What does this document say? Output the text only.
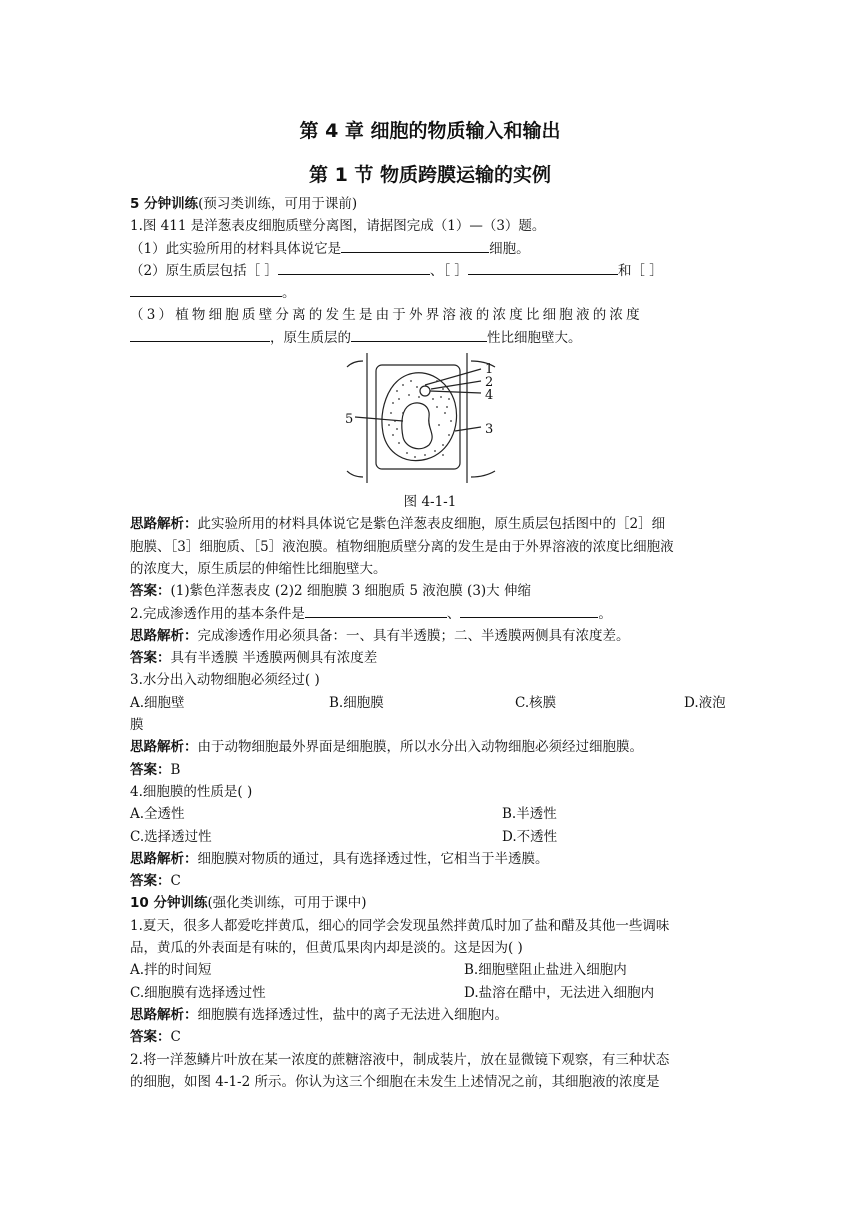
第 4 章 细胞的物质输入和输出
第 1 节 物质跨膜运输的实例
5 分钟训练(预习类训练，可用于课前)
1.图 411 是洋葱表皮细胞质壁分离图，请据图完成（1）—（3）题。
（1）此实验所用的材料具体说它是	细胞。
（2）原生质层包括［ ］	、［ ］	和［ ］
。
（3）植物细胞质壁分离的发生是由于外界溶液的浓度比细胞液的浓度
，原生质层的	性比细胞壁大。
1
2
4
5
3
图 4-1-1
思路解析：此实验所用的材料具体说它是紫色洋葱表皮细胞，原生质层包括图中的［2］细
胞膜、［3］细胞质、［5］液泡膜。植物细胞质壁分离的发生是由于外界溶液的浓度比细胞液
的浓度大，原生质层的伸缩性比细胞壁大。
答案：(1)紫色洋葱表皮 (2)2 细胞膜 3 细胞质 5 液泡膜 (3)大 伸缩
2.完成渗透作用的基本条件是	、	。
思路解析：完成渗透作用必须具备：一、具有半透膜；二、半透膜两侧具有浓度差。
答案：具有半透膜 半透膜两侧具有浓度差
3.水分出入动物细胞必须经过( )
A.细胞壁	B.细胞膜	C.核膜	D.液泡
膜
思路解析：由于动物细胞最外界面是细胞膜，所以水分出入动物细胞必须经过细胞膜。
答案：B
4.细胞膜的性质是( )
A.全透性	B.半透性
C.选择透过性	D.不透性
思路解析：细胞膜对物质的通过，具有选择透过性，它相当于半透膜。
答案：C
10 分钟训练(强化类训练，可用于课中)
1.夏天，很多人都爱吃拌黄瓜，细心的同学会发现虽然拌黄瓜时加了盐和醋及其他一些调味
品，黄瓜的外表面是有味的，但黄瓜果肉内却是淡的。这是因为( )
A.拌的时间短	B.细胞壁阻止盐进入细胞内
C.细胞膜有选择透过性	D.盐溶在醋中，无法进入细胞内
思路解析：细胞膜有选择透过性，盐中的离子无法进入细胞内。
答案：C
2.将一洋葱鳞片叶放在某一浓度的蔗糖溶液中，制成装片，放在显微镜下观察，有三种状态
的细胞，如图 4-1-2 所示。你认为这三个细胞在未发生上述情况之前，其细胞液的浓度是
